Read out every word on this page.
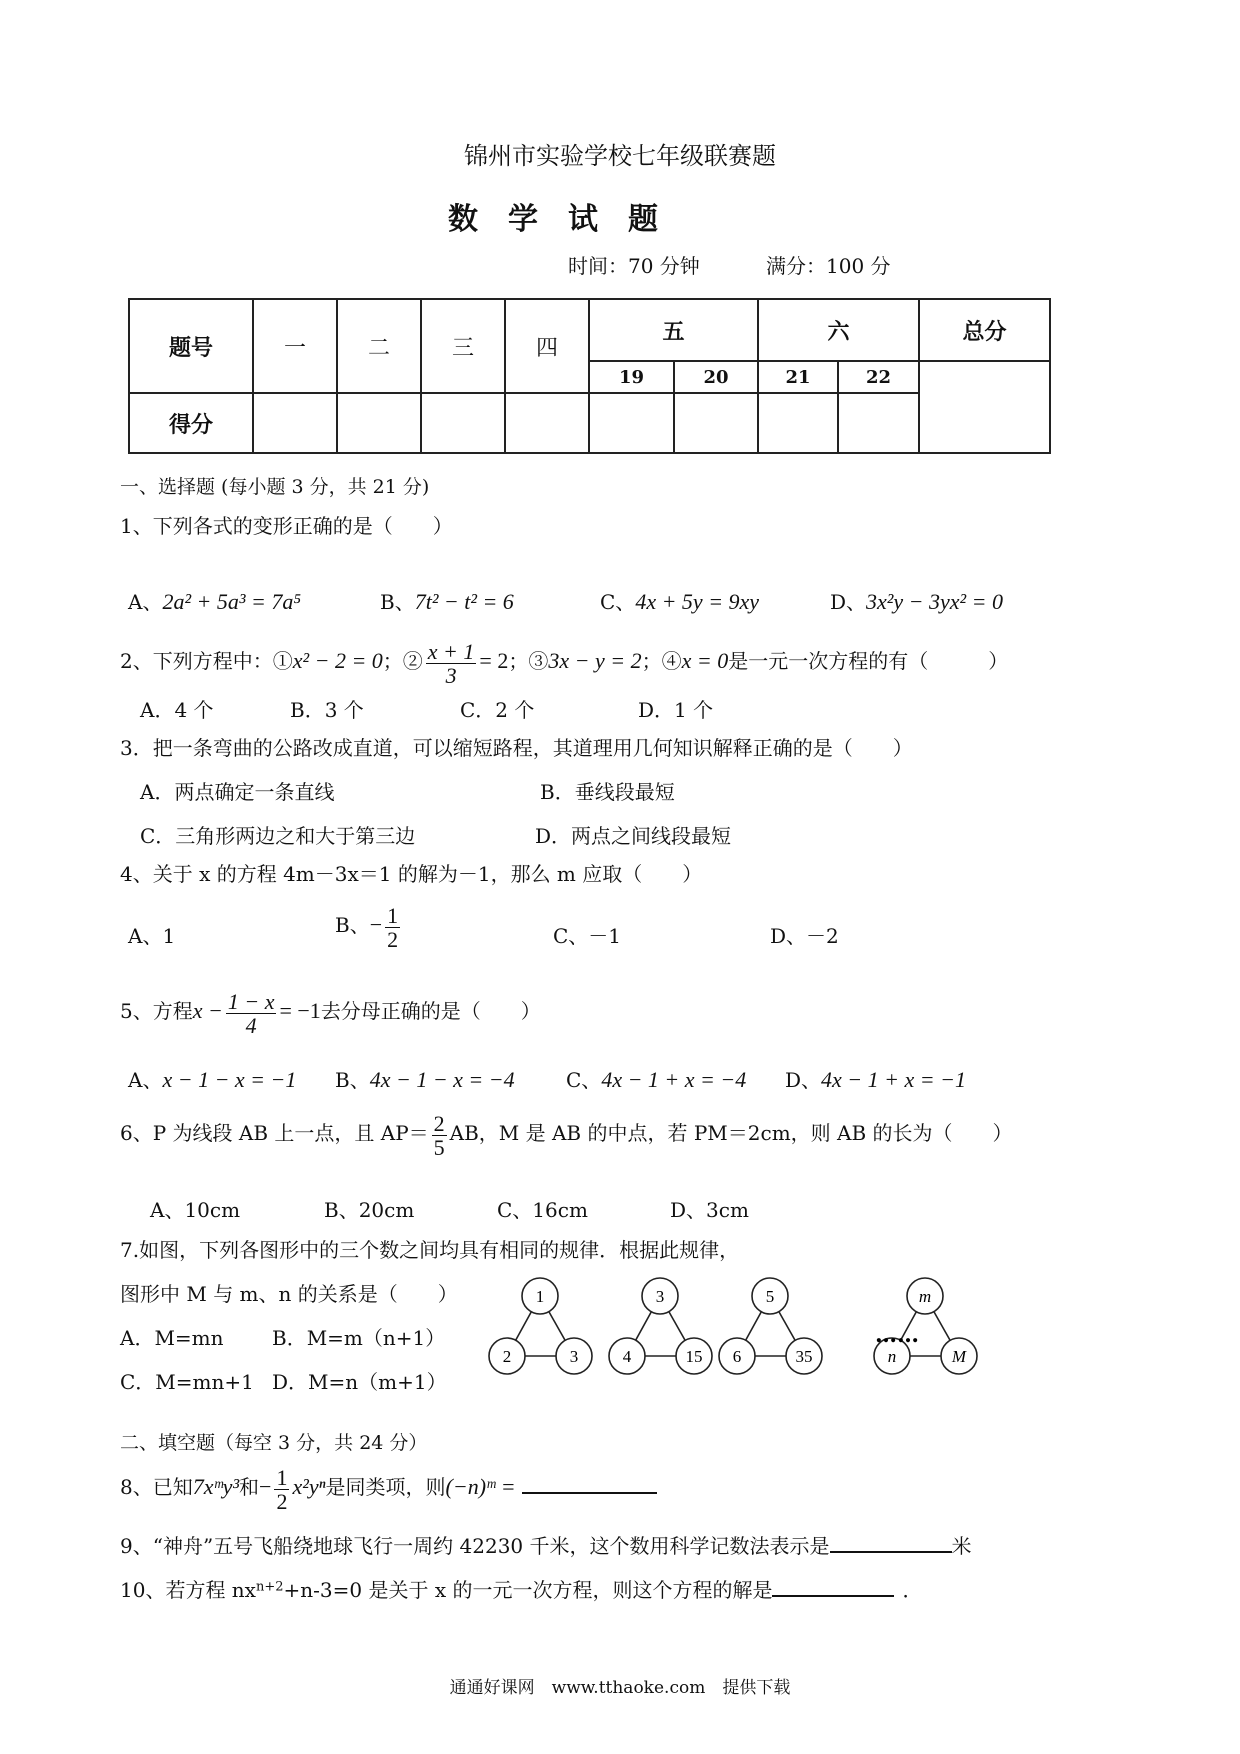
锦州市实验学校七年级联赛题
数学试题
时间：70 分钟	满分：100 分
题号	一	二	三	四	五		六		总分
					19	20	21	22	
得分									
一、选择题 (每小题 3 分，共 21 分)
1、下列各式的变形正确的是（　　）
A、2a² + 5a³ = 7a⁵	B、7t² − t² = 6	C、4x + 5y = 9xy	D、3x²y − 3yx² = 0
2、下列方程中：①x² − 2 = 0；② $\frac{x + 1}{3} = 2$；③3x − y = 2；④x = 0是一元一次方程的有（　　　）
A．4 个	B．3 个	C．2 个	D．1 个
3．把一条弯曲的公路改成直道，可以缩短路程，其道理用几何知识解释正确的是（　　）
A．两点确定一条直线	B．垂线段最短
C．三角形两边之和大于第三边	D．两点之间线段最短
4、关于 x 的方程 4m－3x＝1 的解为－1，那么 m 应取（　　）
A、1	B、− $\frac{1}{2}$	C、－1	D、－2
5、方程$x - \frac{1 - x}{4} = -1$去分母正确的是（　　）
A、x − 1 − x = −1 B、4x − 1 − x = −4	C、4x − 1 + x = −4 D、4x − 1 + x = −1
6、P 为线段 AB 上一点，且 $AP= \frac{2}{5}$ AB，M 是 AB 的中点，若 PM＝2cm，则 AB 的长为（　　）
A、10cm	B、20cm	C、16cm	D、3cm
7.如图，下列各图形中的三个数之间均具有相同的规律．根据此规律，
图形中 M 与 m、n 的关系是（　　）
A．M=mn B．M=m（n+1）
C．M=mn+1 D．M=n（m+1）
1
2	3
3
4	15
5
6	35
m
n	M
……
二、填空题（每空 3 分，共 24 分）
8、已知7xᵐy³和− $\frac{1}{2} x^2y^n$是同类项，则(−n)ᵐ =
9、“神舟”五号飞船绕地球飞行一周约 42230 千米，这个数用科学记数法表示是	米
10、若方程 $nx^{n+2}+n-3=0$ 是关于 x 的一元一次方程，则这个方程的解是	．
通通好课网　www.tthaoke.com　提供下载
